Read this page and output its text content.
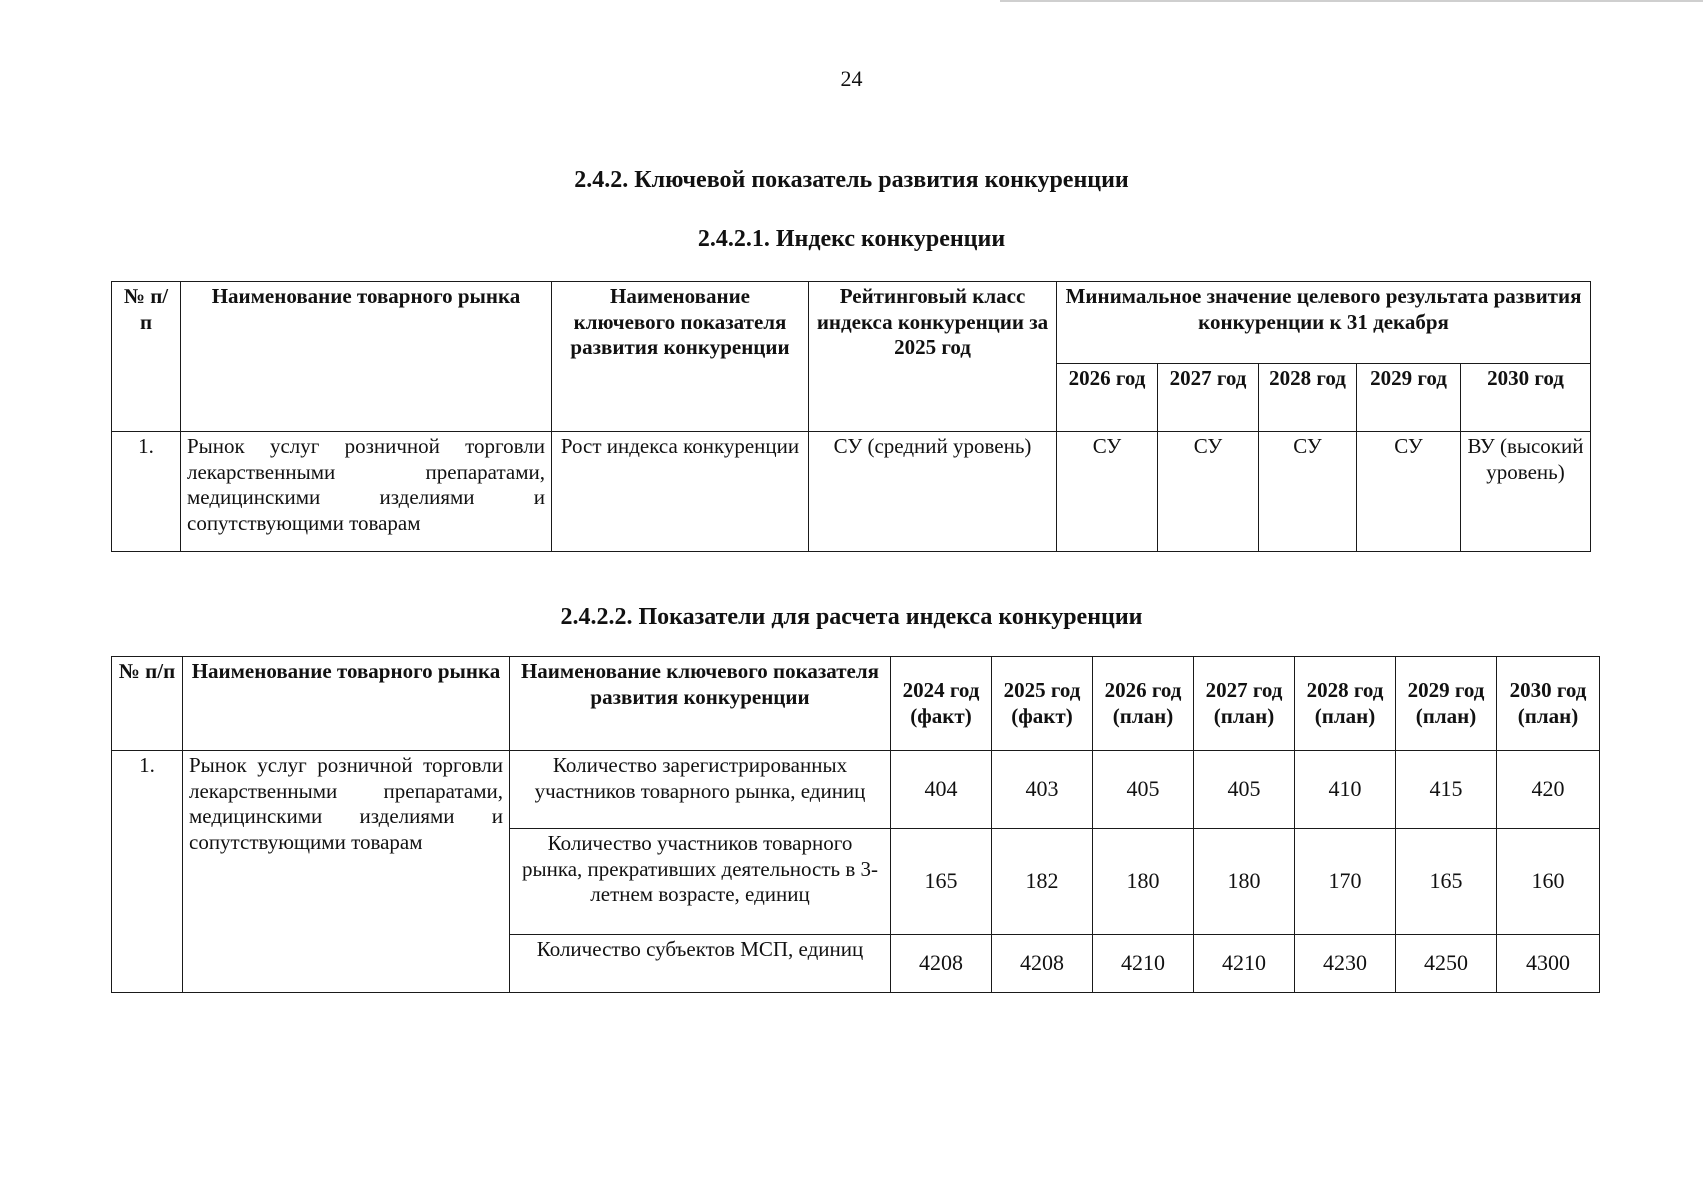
24
2.4.2. Ключевой показатель развития конкуренции
2.4.2.1. Индекс конкуренции
№ п/п	Наименование товарного рынка	Наименование ключевого показателя развития конкуренции	Рейтинговый класс индекса конкуренции за 2025 год	Минимальное значение целевого результата развития конкуренции к 31 декабря				
				2026 год	2027 год	2028 год	2029 год	2030 год
1.	Рынок услуг розничной торговли лекарственными препаратами, медицинскими изделиями и сопутствующими товарам	Рост индекса конкуренции	СУ (средний уровень)	СУ	СУ	СУ	СУ	ВУ (высокий уровень)
2.4.2.2. Показатели для расчета индекса конкуренции
№ п/п	Наименование товарного рынка	Наименование ключевого показателя развития конкуренции	2024 год (факт)	2025 год (факт)	2026 год (план)	2027 год (план)	2028 год (план)	2029 год (план)	2030 год (план)
1.	Рынок услуг розничной торговли лекарственными препаратами, медицинскими изделиями и сопутствующими товарам	Количество зарегистрированных участников товарного рынка, единиц	404	403	405	405	410	415	420
		Количество участников товарного рынка, прекративших деятельность в 3-летнем возрасте, единиц	165	182	180	180	170	165	160
		Количество субъектов МСП, единиц	4208	4208	4210	4210	4230	4250	4300
